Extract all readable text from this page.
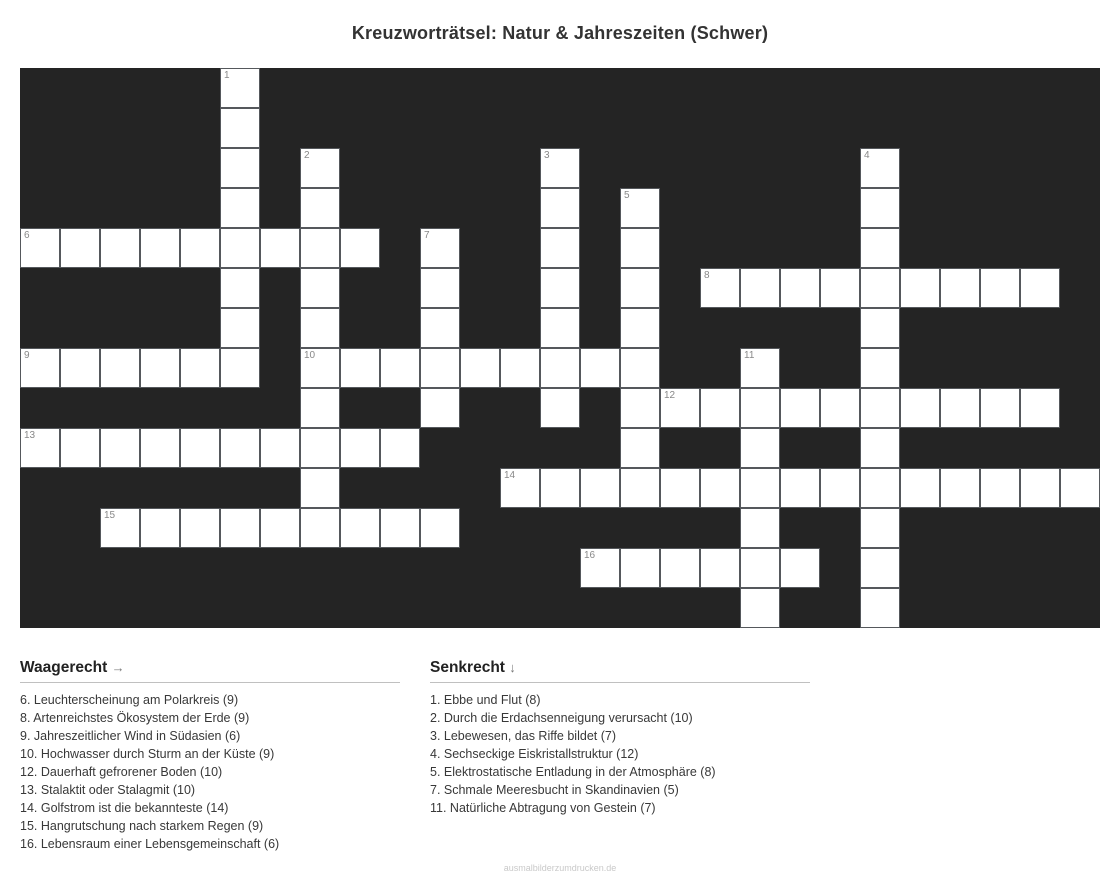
Kreuzworträtsel: Natur & Jahreszeiten (Schwer)
1
2	3	4
5
6	7
8
9	10	11
12
13
14
15
16
Waagerecht →
6. Leuchterscheinung am Polarkreis (9)
8. Artenreichstes Ökosystem der Erde (9)
9. Jahreszeitlicher Wind in Südasien (6)
10. Hochwasser durch Sturm an der Küste (9)
12. Dauerhaft gefrorener Boden (10)
13. Stalaktit oder Stalagmit (10)
14. Golfstrom ist die bekannteste (14)
15. Hangrutschung nach starkem Regen (9)
16. Lebensraum einer Lebensgemeinschaft (6)
Senkrecht ↓
1. Ebbe und Flut (8)
2. Durch die Erdachsenneigung verursacht (10)
3. Lebewesen, das Riffe bildet (7)
4. Sechseckige Eiskristallstruktur (12)
5. Elektrostatische Entladung in der Atmosphäre (8)
7. Schmale Meeresbucht in Skandinavien (5)
11. Natürliche Abtragung von Gestein (7)
ausmalbilderzumdrucken.de
